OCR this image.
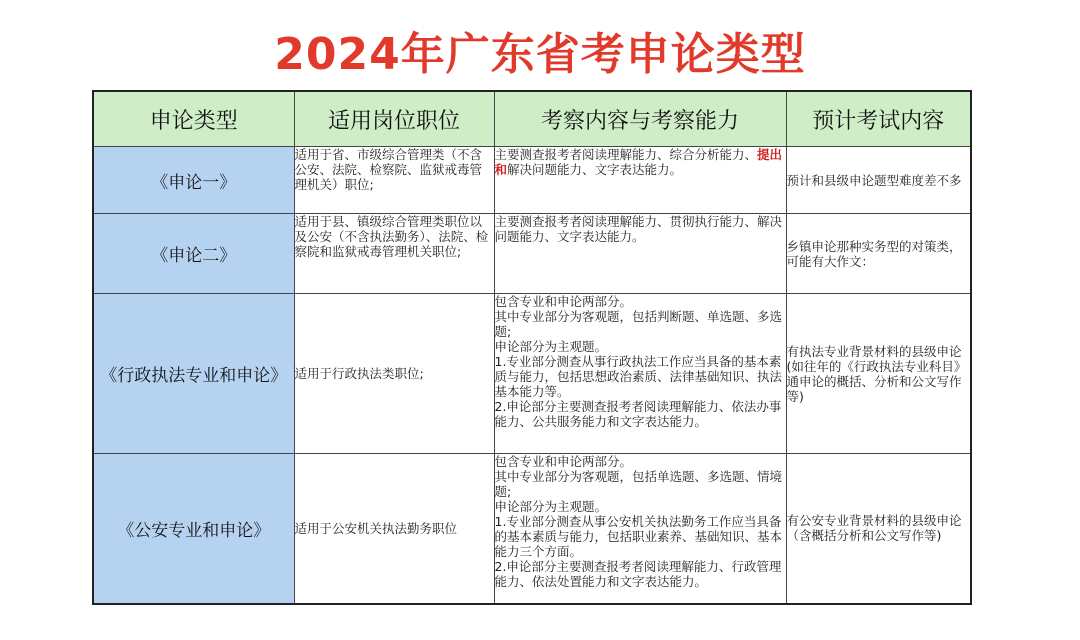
2024年广东省考申论类型
申论类型	适用岗位职位	考察内容与考察能力	预计考试内容
《申论一》	适用于省、市级综合管理类（不含公安、法院、检察院、监狱戒毒管理机关）职位;	主要测查报考者阅读理解能力、综合分析能力、提出和解决问题能力、文字表达能力。	预计和县级申论题型难度差不多
《申论二》	适用于县、镇级综合管理类职位以及公安（不含执法勤务）、法院、检察院和监狱戒毒管理机关职位;	主要测查报考者阅读理解能力、贯彻执行能力、解决问题能力、文字表达能力。	乡镇申论那种实务型的对策类，可能有大作文：
《行政执法专业和申论》	适用于行政执法类职位;	包含专业和申论两部分。
其中专业部分为客观题，包括判断题、单选题、多选题;
申论部分为主观题。
1.专业部分测查从事行政执法工作应当具备的基本素质与能力，包括思想政治素质、法律基础知识、执法基本能力等。
2.申论部分主要测查报考者阅读理解能力、依法办事能力、公共服务能力和文字表达能力。	有执法专业背景材料的县级申论(如往年的《行政执法专业科目》通申论的概括、分析和公文写作等)
《公安专业和申论》	适用于公安机关执法勤务职位	包含专业和申论两部分。
其中专业部分为客观题，包括单选题、多选题、情境题;
申论部分为主观题。
1.专业部分测查从事公安机关执法勤务工作应当具备的基本素质与能力，包括职业素养、基础知识、基本能力三个方面。
2.申论部分主要测查报考者阅读理解能力、行政管理能力、依法处置能力和文字表达能力。	有公安专业背景材料的县级申论（含概括分析和公文写作等)
